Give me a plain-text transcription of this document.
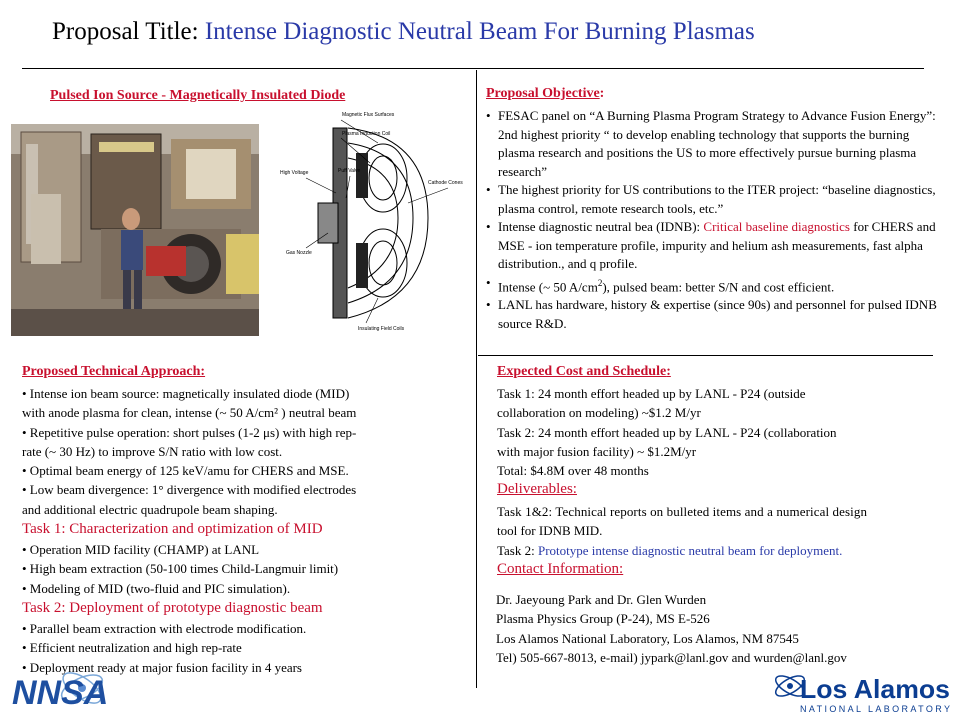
Proposal Title: Intense Diagnostic Neutral Beam For Burning Plasmas
Pulsed Ion Source - Magnetically Insulated Diode
Magnetic Flux Surfaces
Plasma Induction Coil
High Voltage	Puff Valve
Cathode Cones
Gas Nozzle
Insulating Field Coils
Proposal Objective:
• FESAC panel on “A Burning Plasma Program Strategy to Advance Fusion Energy”: 2nd highest priority “ to develop enabling technology that supports the burning plasma research and positions the US to more effectively pursue burning plasma research”
• The highest priority for US contributions to the ITER project: “baseline diagnostics, plasma control, remote research tools, etc.”
• Intense diagnostic neutral bea (IDNB): Critical baseline diagnostics for CHERS and MSE - ion temperature profile, impurity and helium ash measurements, fast alpha distribution., and q profile.
• Intense (~ 50 $A/cm^2$), pulsed beam: better S/N and cost efficient.
• LANL has hardware, history & expertise (since 90s) and personnel for pulsed IDNB source R&D.
Proposed Technical Approach:
• Intense ion beam source: magnetically insulated diode (MID)
with anode plasma for clean, intense (~ 50 A/cm² ) neutral beam
• Repetitive pulse operation: short pulses (1-2 μs) with high rep-
rate (~ 30 Hz) to improve S/N ratio with low cost.
• Optimal beam energy of 125 keV/amu for CHERS and MSE.
• Low beam divergence: 1° divergence with modified electrodes
and additional electric quadrupole beam shaping.
Task 1: Characterization and optimization of MID
• Operation MID facility (CHAMP) at LANL
• High beam extraction (50-100 times Child-Langmuir limit)
• Modeling of MID (two-fluid and PIC simulation).
Task 2: Deployment of prototype diagnostic beam
• Parallel beam extraction with electrode modification.
• Efficient neutralization and high rep-rate
• Deployment ready at major fusion facility in 4 years
Expected Cost and Schedule:
Task 1: 24 month effort headed up by LANL - P24 (outside
collaboration on modeling) ~$1.2 M/yr
Task 2: 24 month effort headed up by LANL - P24 (collaboration
with major fusion facility) ~ $1.2M/yr
Total: $4.8M over 48 months
Deliverables:
Task 1&2: Technical reports on bulleted items and a numerical design
tool for IDNB MID.
Task 2: Prototype intense diagnostic neutral beam for deployment.
Contact Information:
Dr. Jaeyoung Park and Dr. Glen Wurden
Plasma Physics Group (P-24), MS E-526
Los Alamos National Laboratory, Los Alamos, NM 87545
Tel) 505-667-8013, e-mail) jypark@lanl.gov and wurden@lanl.gov
NNSA	Los Alamos
NATIONAL LABORATORY
